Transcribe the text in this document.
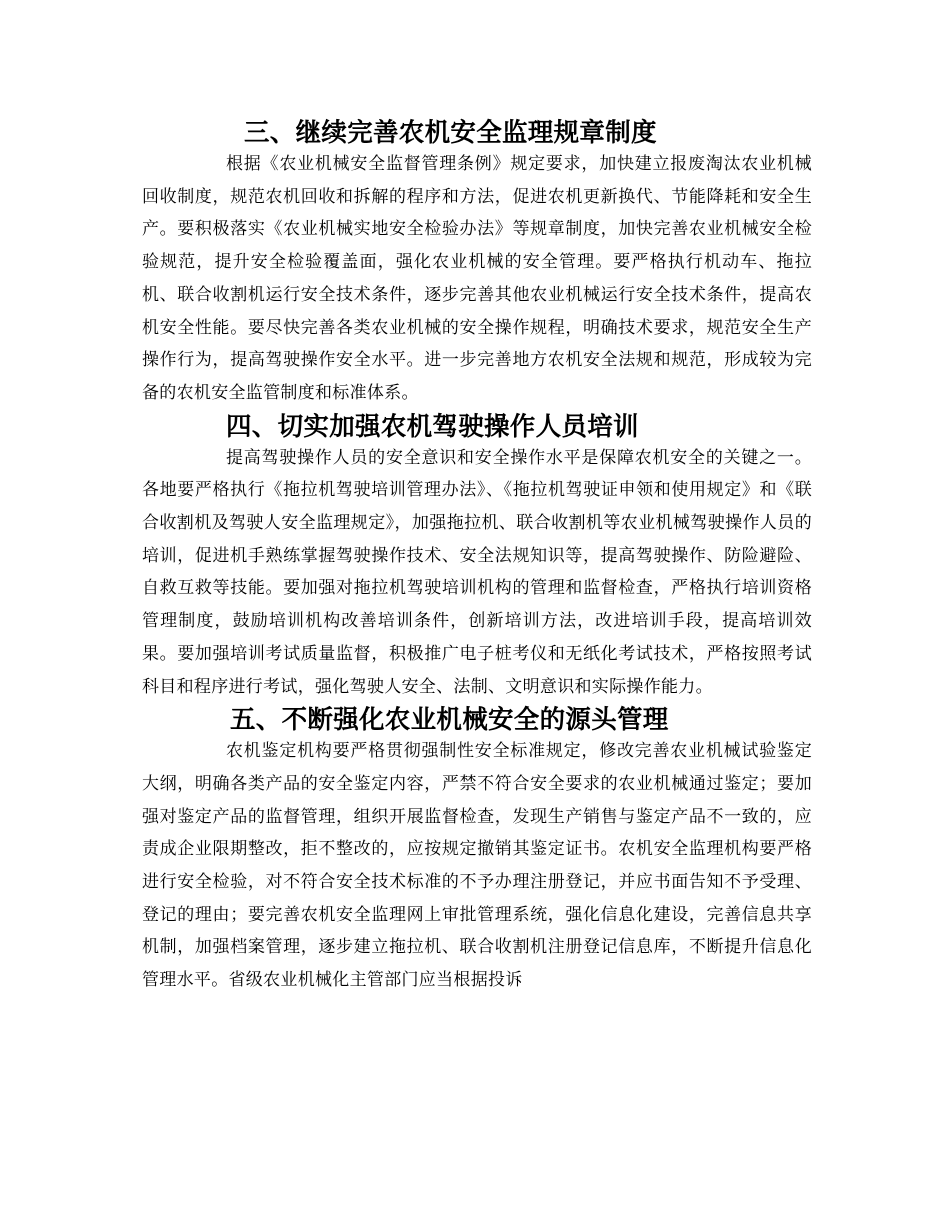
三、继续完善农机安全监理规章制度

根据《农业机械安全监督管理条例》规定要求，加快建立报废淘汰农业机械回收制度，规范农机回收和拆解的程序和方法，促进农机更新换代、节能降耗和安全生产。要积极落实《农业机械实地安全检验办法》等规章制度，加快完善农业机械安全检验规范，提升安全检验覆盖面，强化农业机械的安全管理。要严格执行机动车、拖拉机、联合收割机运行安全技术条件，逐步完善其他农业机械运行安全技术条件，提高农机安全性能。要尽快完善各类农业机械的安全操作规程，明确技术要求，规范安全生产操作行为，提高驾驶操作安全水平。进一步完善地方农机安全法规和规范，形成较为完备的农机安全监管制度和标准体系。

四、切实加强农机驾驶操作人员培训

提高驾驶操作人员的安全意识和安全操作水平是保障农机安全的关键之一。各地要严格执行《拖拉机驾驶培训管理办法》、《拖拉机驾驶证申领和使用规定》和《联合收割机及驾驶人安全监理规定》，加强拖拉机、联合收割机等农业机械驾驶操作人员的培训，促进机手熟练掌握驾驶操作技术、安全法规知识等，提高驾驶操作、防险避险、自救互救等技能。要加强对拖拉机驾驶培训机构的管理和监督检查，严格执行培训资格管理制度，鼓励培训机构改善培训条件，创新培训方法，改进培训手段，提高培训效果。要加强培训考试质量监督，积极推广电子桩考仪和无纸化考试技术，严格按照考试科目和程序进行考试，强化驾驶人安全、法制、文明意识和实际操作能力。

五、不断强化农业机械安全的源头管理

农机鉴定机构要严格贯彻强制性安全标准规定，修改完善农业机械试验鉴定大纲，明确各类产品的安全鉴定内容，严禁不符合安全要求的农业机械通过鉴定；要加强对鉴定产品的监督管理，组织开展监督检查，发现生产销售与鉴定产品不一致的，应责成企业限期整改，拒不整改的，应按规定撤销其鉴定证书。农机安全监理机构要严格进行安全检验，对不符合安全技术标准的不予办理注册登记，并应书面告知不予受理、登记的理由；要完善农机安全监理网上审批管理系统，强化信息化建设，完善信息共享机制，加强档案管理，逐步建立拖拉机、联合收割机注册登记信息库，不断提升信息化管理水平。省级农业机械化主管部门应当根据投诉
